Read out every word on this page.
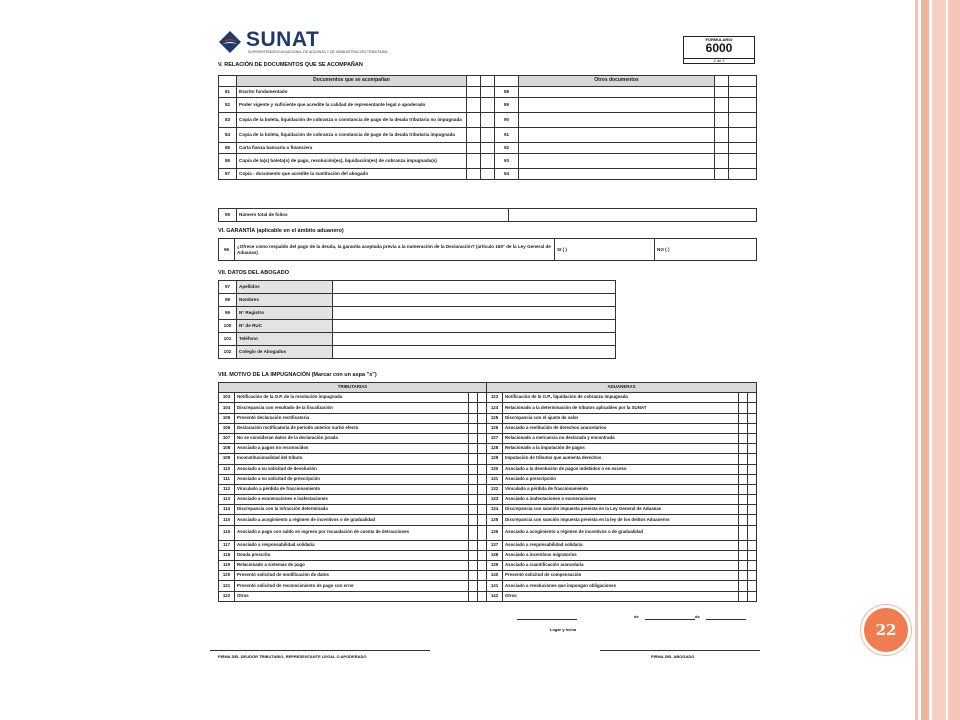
22
SUNAT
SUPERINTENDENCIA NACIONAL DE ADUANAS Y DE ADMINISTRACIÓN TRIBUTARIA
FORMULARIO
6000
2 de 2
V. RELACIÓN DE DOCUMENTOS QUE SE ACOMPAÑAN
	Documentos que se acompañan				Otros documentos		
81	Escrito fundamentado			88			
82	Poder vigente y suficiente que acredite la calidad de representante legal o apoderado			89			
83	Copia de la boleta, liquidación de cobranza o constancia de pago de la deuda tributaria no impugnada			90			
84	Copia de la boleta, liquidación de cobranza o constancia de pago de la deuda tributaria impugnada			91			
85	Carta fianza bancaria o financiera			92			
86	Copia de la(s) boleta(s) de pago, resolución(es), liquidación(es) de cobranza impugnada(s)			93			
87	Copia - documento que acredite la sustitución del abogado			94			
95	Número total de folios	
VI. GARANTÍA (aplicable en el ámbito aduanero)
96	¿Ofrece como respaldo del pago de la deuda, la garantía aceptada previa a la numeración de la Declaración? (artículo 160° de la Ley General de Aduanas)	SI ( )	NO ( )
VII. DATOS DEL ABOGADO
97	Apellidos	
98	Nombres	
99	N° Registro	
100	N° de RUC	
101	Teléfono	
102	Colegio de Abogados	
VIII. MOTIVO DE LA IMPUGNACIÓN (Marcar con un aspa "x")
TRIBUTARIAS				ADUANERAS			
103	Notificación de la O.P. de la resolución impugnada			123	Notificación de la O.P., liquidación de cobranza impugnada		
104	Discrepancia con resultado de la fiscalización			124	Relacionado a la determinación de tributos aplicables por la SUNAT		
105	Presentó declaración rectificatoria			125	Discrepancia con el ajuste de valor		
106	Declaración rectificatoria de periodo anterior surtió efecto			126	Asociado a restitución de derechos arancelarios		
107	No se consideran datos de la declaración jurada			127	Relacionado a mercancía no declarada y encontrada		
108	Asociado a pagos no reconocidos			128	Relacionado a la imputación de pagos		
109	Inconstitucionalidad del tributo			129	Imputación de tributos que aumenta derechos		
110	Asociado a su solicitud de devolución			130	Asociado a la devolución de pagos indebidos o en exceso		
111	Asociado a su solicitud de prescripción			131	Asociado a prescripción		
112	Vinculado a pérdida de fraccionamiento			132	Vinculado a pérdida de fraccionamiento		
113	Asociado a exoneraciones e inafectaciones			133	Asociado a inafectaciones o exoneraciones		
114	Discrepancia con la infracción determinada			134	Discrepancia con sanción impuesta prevista en la Ley General de Aduanas		
115	Asociado a acogimiento a régimen de incentivos o de gradualidad			135	Discrepancia con sanción impuesta prevista en la ley de los delitos Aduaneros		
116	Asociado a pago con saldo en ingreso por recaudación de cuenta de detracciones			136	Asociado a acogimiento a régimen de incentivos o de gradualidad		
117	Asociado a responsabilidad solidaria			137	Asociado a responsabilidad solidaria		
118	Deuda prescrita			138	Asociado a incentivos migratorios		
119	Relacionado a sistemas de pago			139	Asociado a cuantificación arancelaria		
120	Presentó solicitud de modificación de datos			140	Presentó solicitud de compensación		
121	Presentó solicitud de reconocimiento de pago con error			141	Asociado a resoluciones que impongan obligaciones		
122	Otros			142	Otros		
de	de
Lugar y fecha
FIRMA DEL DEUDOR TRIBUTARIO, REPRESENTANTE LEGAL O APODERADO	FIRMA DEL ABOGADO
